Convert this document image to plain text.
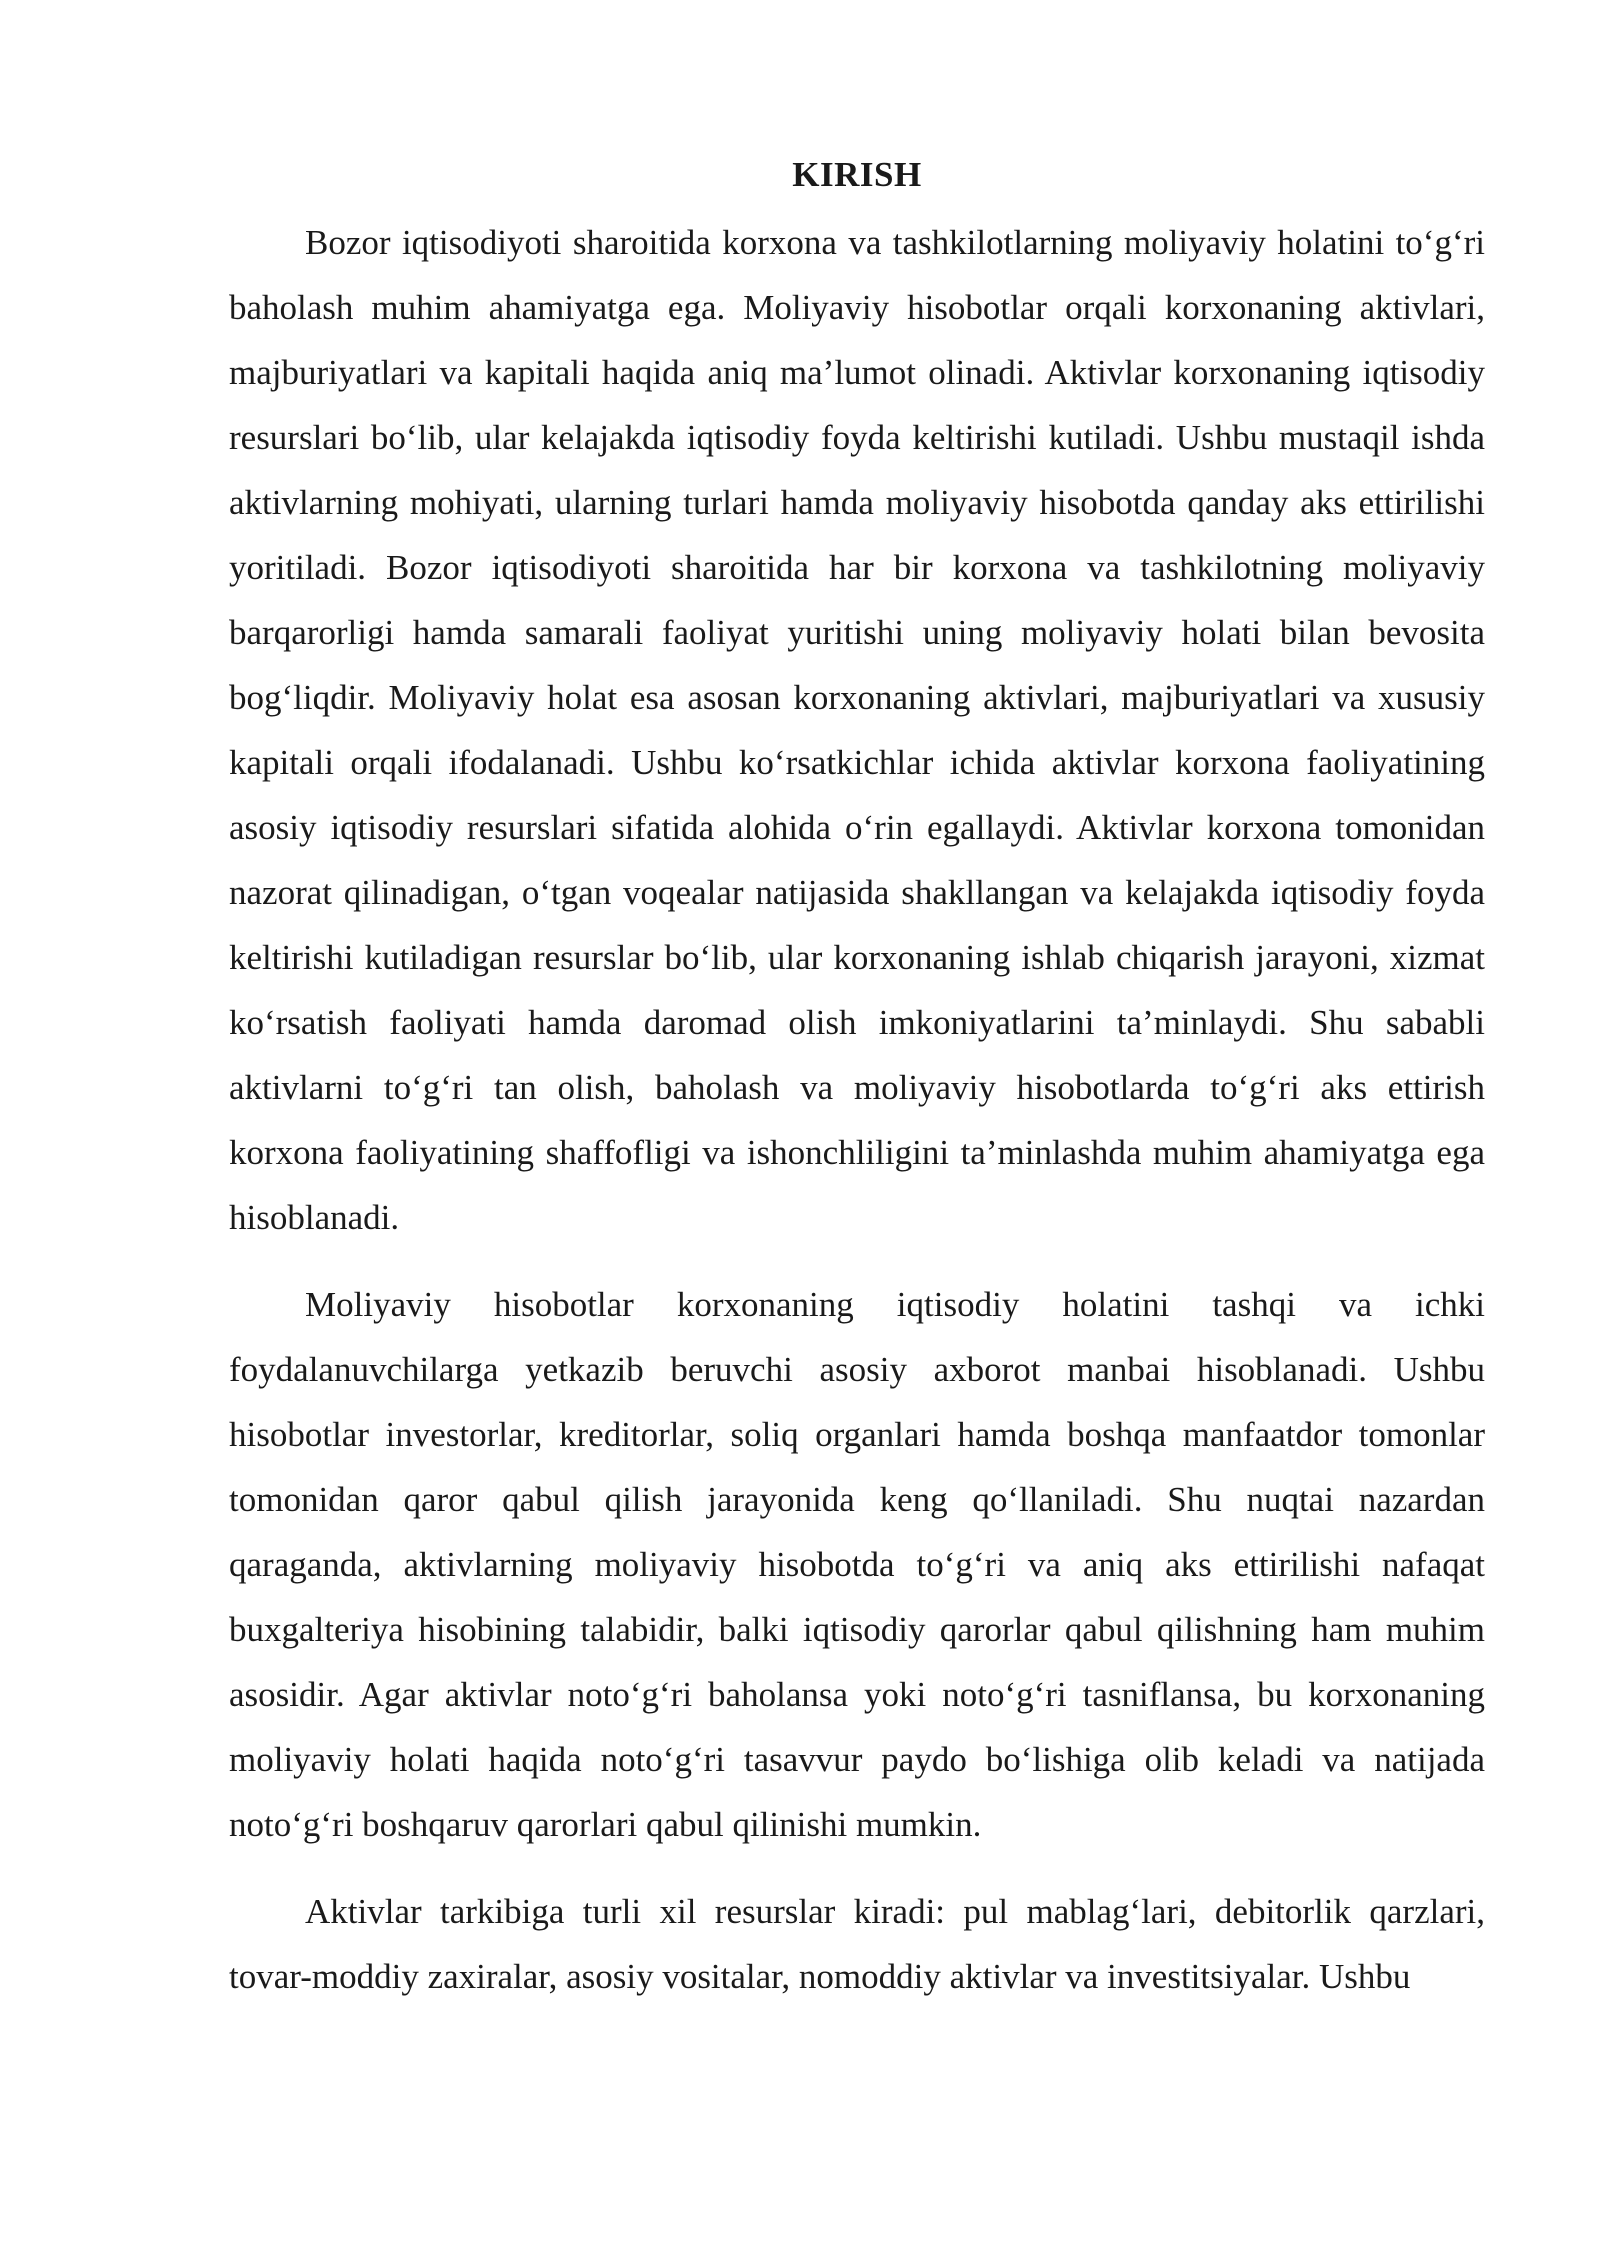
KIRISH

Bozor iqtisodiyoti sharoitida korxona va tashkilotlarning moliyaviy holatini to‘g‘ri baholash muhim ahamiyatga ega. Moliyaviy hisobotlar orqali korxonaning aktivlari, majburiyatlari va kapitali haqida aniq ma’lumot olinadi. Aktivlar korxonaning iqtisodiy resurslari bo‘lib, ular kelajakda iqtisodiy foyda keltirishi kutiladi. Ushbu mustaqil ishda aktivlarning mohiyati, ularning turlari hamda moliyaviy hisobotda qanday aks ettirilishi yoritiladi. Bozor iqtisodiyoti sharoitida har bir korxona va tashkilotning moliyaviy barqarorligi hamda samarali faoliyat yuritishi uning moliyaviy holati bilan bevosita bog‘liqdir. Moliyaviy holat esa asosan korxonaning aktivlari, majburiyatlari va xususiy kapitali orqali ifodalanadi. Ushbu ko‘rsatkichlar ichida aktivlar korxona faoliyatining asosiy iqtisodiy resurslari sifatida alohida o‘rin egallaydi. Aktivlar korxona tomonidan nazorat qilinadigan, o‘tgan voqealar natijasida shakllangan va kelajakda iqtisodiy foyda keltirishi kutiladigan resurslar bo‘lib, ular korxonaning ishlab chiqarish jarayoni, xizmat ko‘rsatish faoliyati hamda daromad olish imkoniyatlarini ta’minlaydi. Shu sababli aktivlarni to‘g‘ri tan olish, baholash va moliyaviy hisobotlarda to‘g‘ri aks ettirish korxona faoliyatining shaffofligi va ishonchliligini ta’minlashda muhim ahamiyatga ega hisoblanadi.

Moliyaviy hisobotlar korxonaning iqtisodiy holatini tashqi va ichki foydalanuvchilarga yetkazib beruvchi asosiy axborot manbai hisoblanadi. Ushbu hisobotlar investorlar, kreditorlar, soliq organlari hamda boshqa manfaatdor tomonlar tomonidan qaror qabul qilish jarayonida keng qo‘llaniladi. Shu nuqtai nazardan qaraganda, aktivlarning moliyaviy hisobotda to‘g‘ri va aniq aks ettirilishi nafaqat buxgalteriya hisobining talabidir, balki iqtisodiy qarorlar qabul qilishning ham muhim asosidir. Agar aktivlar noto‘g‘ri baholansa yoki noto‘g‘ri tasniflansa, bu korxonaning moliyaviy holati haqida noto‘g‘ri tasavvur paydo bo‘lishiga olib keladi va natijada noto‘g‘ri boshqaruv qarorlari qabul qilinishi mumkin.

Aktivlar tarkibiga turli xil resurslar kiradi: pul mablag‘lari, debitorlik qarzlari, tovar-moddiy zaxiralar, asosiy vositalar, nomoddiy aktivlar va investitsiyalar. Ushbu
